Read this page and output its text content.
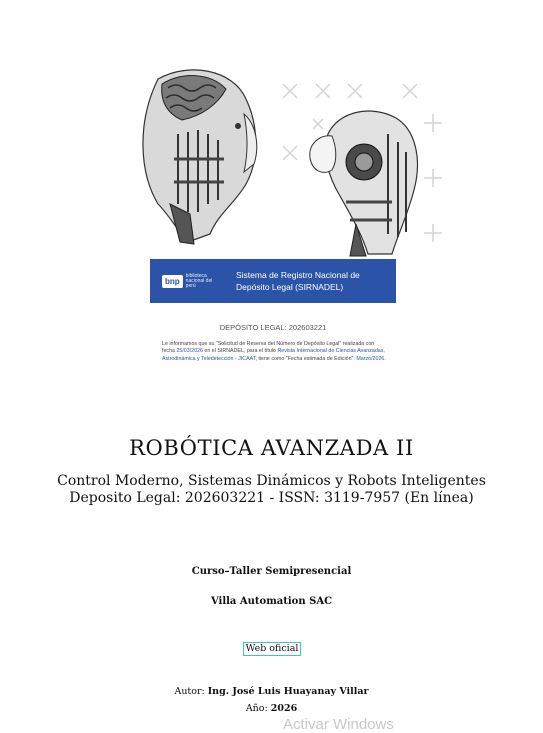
bnp
biblioteca nacional del perú
Sistema de Registro Nacional de
Depósito Legal (SIRNADEL)
DEPÓSITO LEGAL: 202603221
Le informamos que su "Solicitud de Reserva del Número de Depósito Legal" realizada con fecha 25/03/2026 en el SIRNADEL, para el título Revista Internacional de Ciencias Avanzadas, Astrodinámica y Teledetección - JICAAT, tiene como "Fecha estimada de Edición": Marzo/2026.
ROBÓTICA AVANZADA II
Control Moderno, Sistemas Dinámicos y Robots Inteligentes
Deposito Legal: 202603221 - ISSN: 3119-7957 (En línea)
Curso–Taller Semipresencial
Villa Automation SAC
Web oficial
Autor: Ing. José Luis Huayanay Villar
Año: 2026
Activar Windows
